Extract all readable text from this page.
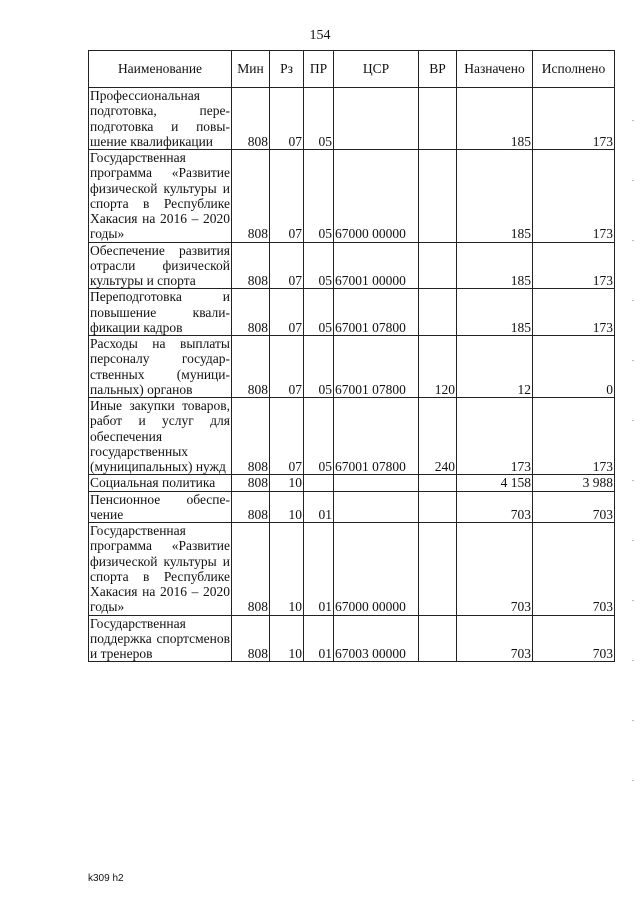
154
Наименование	Мин	Рз	ПР	ЦСР	ВР	Назначено	Исполнено
Профессиональная подготовка, переподготовка и повышение квалификации	808	07	05			185	173
Государственная программа «Развитие физической культуры и спорта в Республике Хакасия на 2016 – 2020 годы»	808	07	05	67000 00000		185	173
Обеспечение развития отрасли физической культуры и спорта	808	07	05	67001 00000		185	173
Переподготовка и повышение квалификации кадров	808	07	05	67001 07800		185	173
Расходы на выплаты персоналу государственных (муниципальных) органов	808	07	05	67001 07800	120	12	0
Иные закупки товаров, работ и услуг для обеспечения государственных (муниципальных) нужд	808	07	05	67001 07800	240	173	173
Социальная политика	808	10				4 158	3 988
Пенсионное обеспечение	808	10	01			703	703
Государственная программа «Развитие физической культуры и спорта в Республике Хакасия на 2016 – 2020 годы»	808	10	01	67000 00000		703	703
Государственная поддержка спортсменов и тренеров	808	10	01	67003 00000		703	703
k309 h2
